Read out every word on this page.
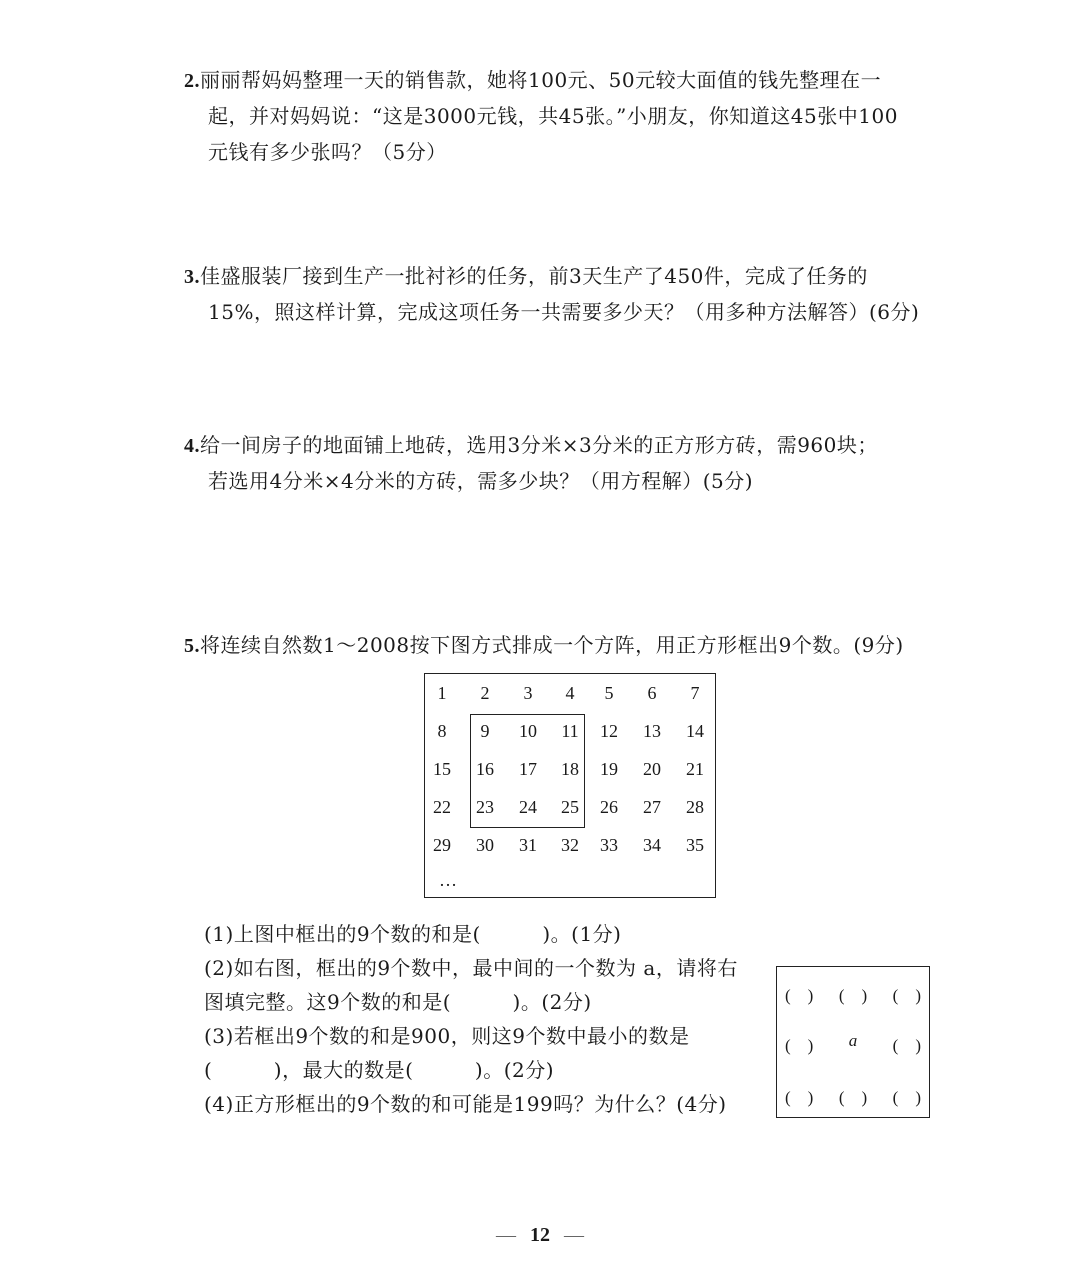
2.丽丽帮妈妈整理一天的销售款，她将100元、50元较大面值的钱先整理在一
起，并对妈妈说：“这是3000元钱，共45张。”小朋友，你知道这45张中100
元钱有多少张吗？（5分）
3.佳盛服装厂接到生产一批衬衫的任务，前3天生产了450件，完成了任务的
15%，照这样计算，完成这项任务一共需要多少天？（用多种方法解答）(6分)
4.给一间房子的地面铺上地砖，选用3分米×3分米的正方形方砖，需960块；
若选用4分米×4分米的方砖，需多少块？（用方程解）(5分)
5.将连续自然数1～2008按下图方式排成一个方阵，用正方形框出9个数。(9分)
1	2	3	4	5	6	7
8	9	10	11	12	13	14
15	16	17	18	19	20	21
22	23	24	25	26	27	28
29	30	31	32	33	34	35
…
(1)上图中框出的9个数的和是(　　　)。(1分)
(2)如右图，框出的9个数中，最中间的一个数为 a，请将右
图填完整。这9个数的和是(　　　)。(2分)
(3)若框出9个数的和是900，则这9个数中最小的数是
(　　　)，最大的数是(　　　)。(2分)
(4)正方形框出的9个数的和可能是199吗？为什么？(4分)
(　) (　) (　)
(　) a (　)
(　) (　) (　)
— 12 —
